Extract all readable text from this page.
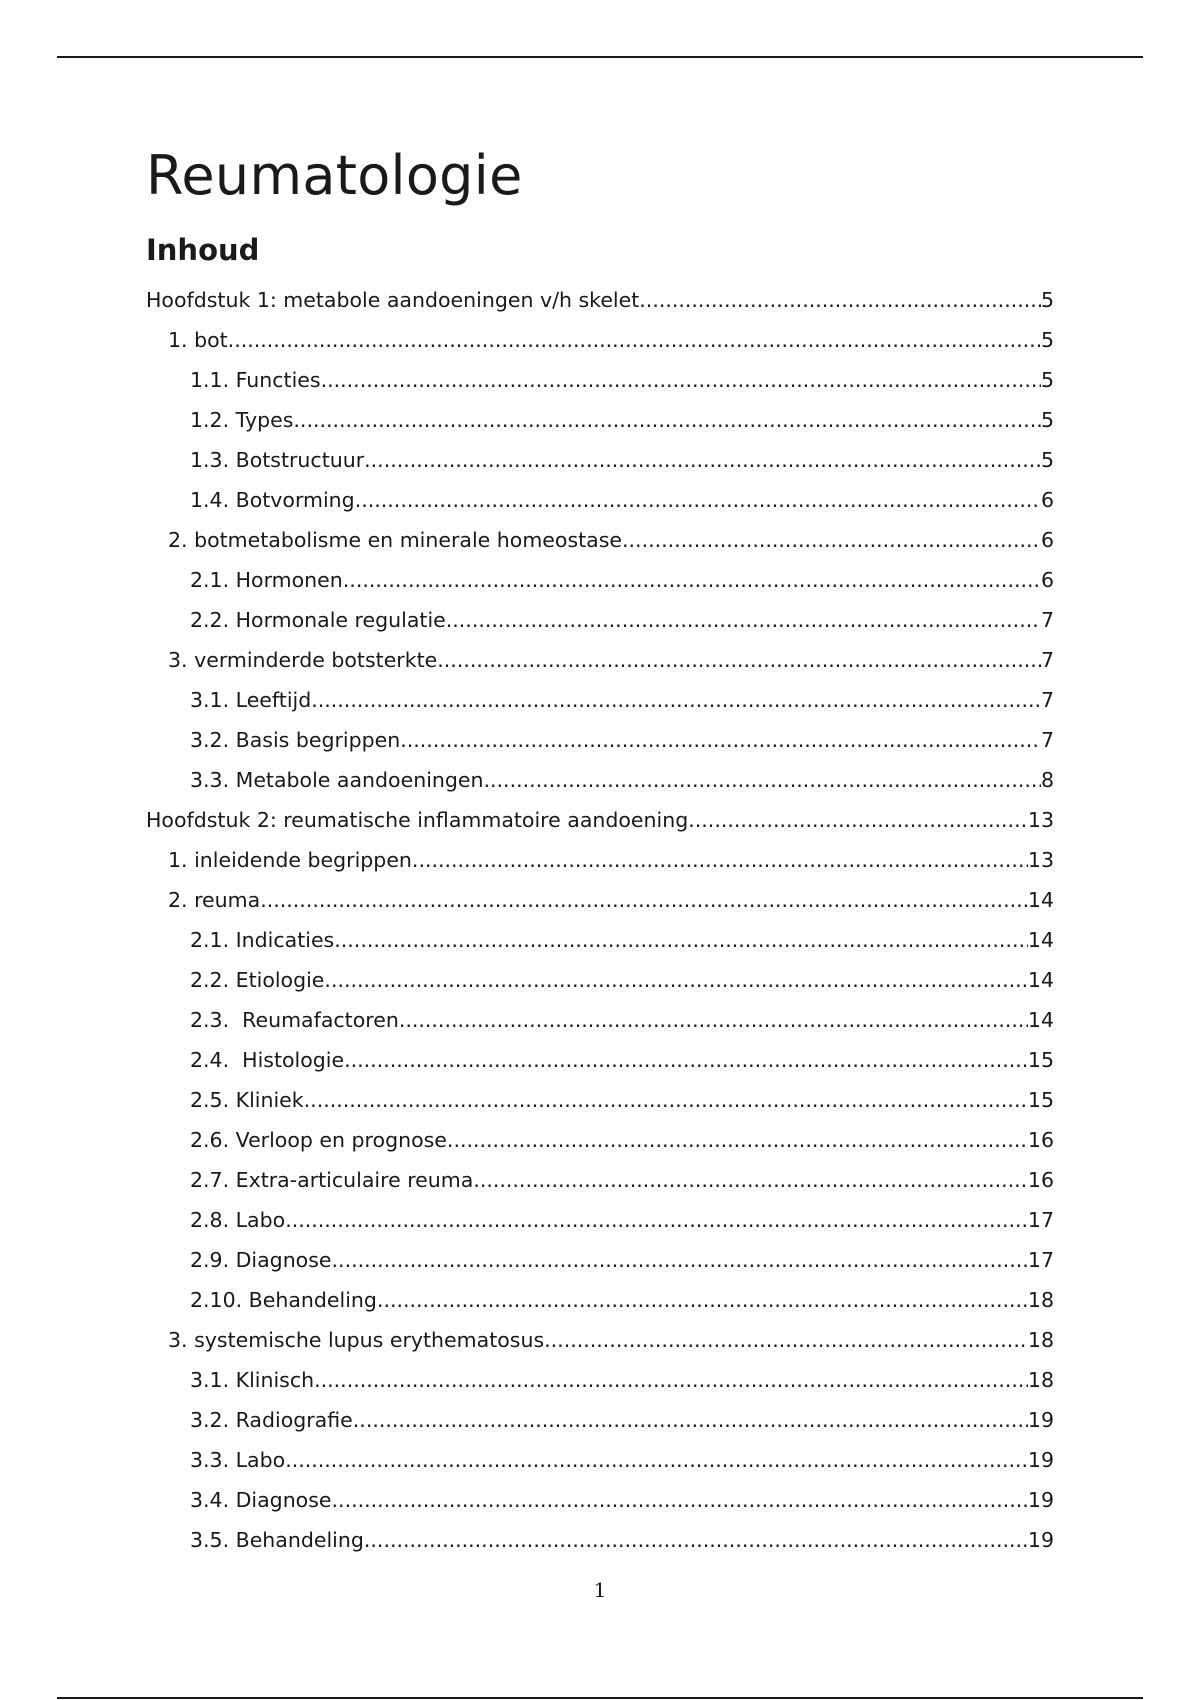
Reumatologie
Inhoud
Hoofdstuk 1: metabole aandoeningen v/h skelet .....	5
1. bot .....	5
1.1. Functies .....	5
1.2. Types .....	5
1.3. Botstructuur .....	5
1.4. Botvorming .....	6
2. botmetabolisme en minerale homeostase .....	6
2.1. Hormonen .....	6
2.2. Hormonale regulatie .....	7
3. verminderde botsterkte .....	7
3.1. Leeftijd .....	7
3.2. Basis begrippen .....	7
3.3. Metabole aandoeningen .....	8
Hoofdstuk 2: reumatische inflammatoire aandoening .....	13
1. inleidende begrippen .....	13
2. reuma .....	14
2.1. Indicaties .....	14
2.2. Etiologie .....	14
2.3.  Reumafactoren .....	14
2.4.  Histologie .....	15
2.5. Kliniek .....	15
2.6. Verloop en prognose .....	16
2.7. Extra-articulaire reuma .....	16
2.8. Labo .....	17
2.9. Diagnose .....	17
2.10. Behandeling .....	18
3. systemische lupus erythematosus .....	18
3.1. Klinisch .....	18
3.2. Radiografie .....	19
3.3. Labo .....	19
3.4. Diagnose .....	19
3.5. Behandeling .....	19
1
